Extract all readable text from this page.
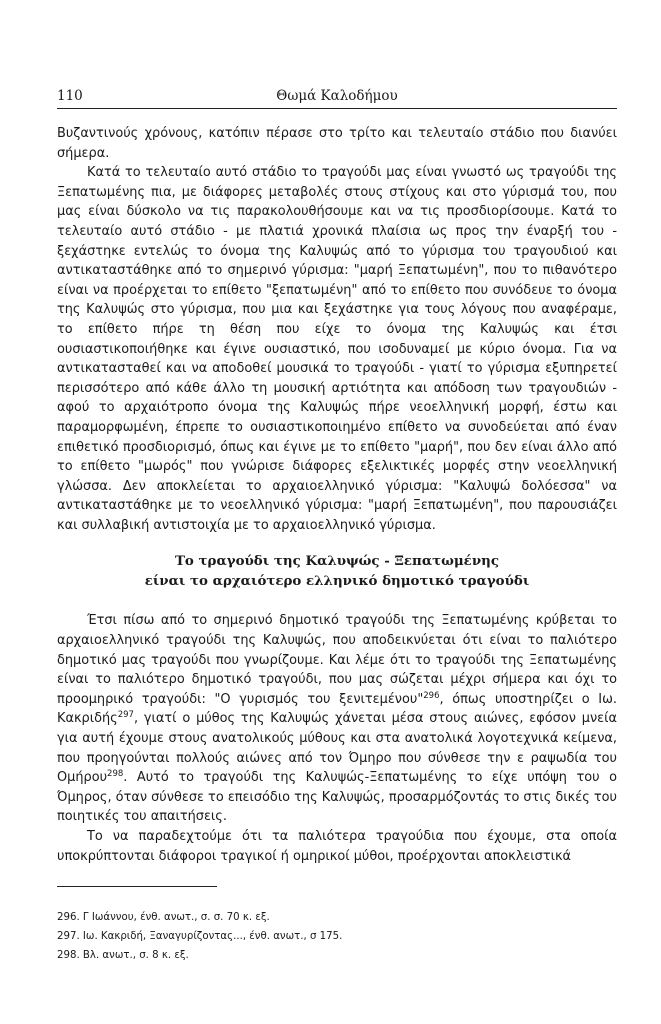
110	Θωμά Καλοδήμου

Βυζαντινούς χρόνους, κατόπιν πέρασε στο τρίτο και τελευταίο στάδιο που διανύει σήμερα.

Κατά το τελευταίο αυτό στάδιο το τραγούδι μας είναι γνωστό ως τραγούδι της Ξεπατωμένης πια, με διάφορες μεταβολές στους στίχους και στο γύρισμά του, που μας είναι δύσκολο να τις παρακολουθήσουμε και να τις προσδιορίσουμε. Κατά το τελευταίο αυτό στάδιο - με πλατιά χρονικά πλαίσια ως προς την έναρξή του - ξεχάστηκε εντελώς το όνομα της Καλυψώς από το γύρισμα του τραγουδιού και αντικαταστάθηκε από το σημερινό γύρισμα: "μαρή Ξεπατωμένη", που το πιθανότερο είναι να προέρχεται το επίθετο "ξεπατωμένη" από το επίθετο που συνόδευε το όνομα της Καλυψώς στο γύρισμα, που μια και ξεχάστηκε για τους λόγους που αναφέραμε, το επίθετο πήρε τη θέση που είχε το όνομα της Καλυψώς και έτσι ουσιαστικοποιήθηκε και έγινε ουσιαστικό, που ισοδυναμεί με κύριο όνομα. Για να αντικατασταθεί και να αποδοθεί μουσικά το τραγούδι - γιατί το γύρισμα εξυπηρετεί περισσότερο από κάθε άλλο τη μουσική αρτιότητα και απόδοση των τραγουδιών - αφού το αρχαιότροπο όνομα της Καλυψώς πήρε νεοελληνική μορφή, έστω και παραμορφωμένη, έπρεπε το ουσιαστικοποιημένο επίθετο να συνοδεύεται από έναν επιθετικό προσδιορισμό, όπως και έγινε με το επίθετο "μαρή", που δεν είναι άλλο από το επίθετο "μωρός" που γνώρισε διάφορες εξελικτικές μορφές στην νεοελληνική γλώσσα. Δεν αποκλείεται το αρχαιοελληνικό γύρισμα: "Καλυψώ δολόεσσα" να αντικαταστάθηκε με το νεοελληνικό γύρισμα: "μαρή Ξεπατωμένη", που παρουσιάζει και συλλαβική αντιστοιχία με το αρχαιοελληνικό γύρισμα.

Το τραγούδι της Καλυψώς - Ξεπατωμένης
είναι το αρχαιότερο ελληνικό δημοτικό τραγούδι

Έτσι πίσω από το σημερινό δημοτικό τραγούδι της Ξεπατωμένης κρύβεται το αρχαιοελληνικό τραγούδι της Καλυψώς, που αποδεικνύεται ότι είναι το παλιότερο δημοτικό μας τραγούδι που γνωρίζουμε. Και λέμε ότι το τραγούδι της Ξεπατωμένης είναι το παλιότερο δημοτικό τραγούδι, που μας σώζεται μέχρι σήμερα και όχι το προομηρικό τραγούδι: "Ο γυρισμός του ξενιτεμένου"$^{296}$, όπως υποστηρίζει ο Ιω. Κακριδής$^{297}$, γιατί ο μύθος της Καλυψώς χάνεται μέσα στους αιώνες, εφόσον μνεία για αυτή έχουμε στους ανατολικούς μύθους και στα ανατολικά λογοτεχνικά κείμενα, που προηγούνται πολλούς αιώνες από τον Όμηρο που σύνθεσε την ε ραψωδία του Ομήρου$^{298}$. Αυτό το τραγούδι της Καλυψώς-Ξεπατωμένης το είχε υπόψη του ο Όμηρος, όταν σύνθεσε το επεισόδιο της Καλυψώς, προσαρμόζοντάς το στις δικές του ποιητικές του απαιτήσεις.

Το να παραδεχτούμε ότι τα παλιότερα τραγούδια που έχουμε, στα οποία υποκρύπτονται διάφοροι τραγικοί ή ομηρικοί μύθοι, προέρχονται αποκλειστικά

296. Γ Ιωάννου, ένθ. ανωτ., σ. σ. 70 κ. εξ.
297. Ιω. Κακριδή, Ξαναγυρίζοντας..., ένθ. ανωτ., σ 175.
298. Βλ. ανωτ., σ. 8 κ. εξ.
